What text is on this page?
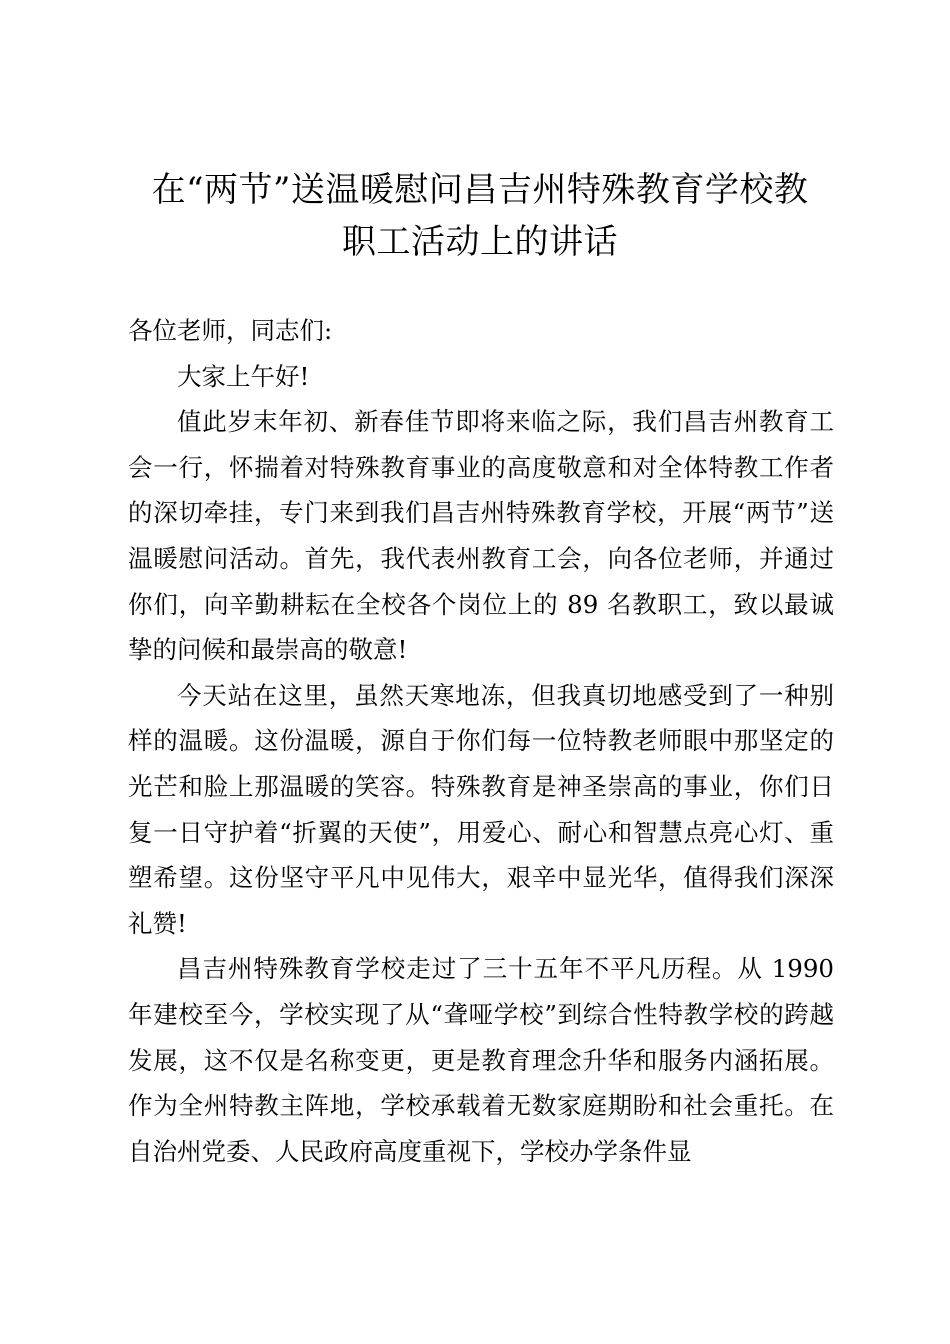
在“两节”送温暖慰问昌吉州特殊教育学校教
职工活动上的讲话

各位老师，同志们:

大家上午好!

值此岁末年初、新春佳节即将来临之际，我们昌吉州教育工会一行，怀揣着对特殊教育事业的高度敬意和对全体特教工作者的深切牵挂，专门来到我们昌吉州特殊教育学校，开展“两节”送温暖慰问活动。首先，我代表州教育工会，向各位老师，并通过你们，向辛勤耕耘在全校各个岗位上的 89 名教职工，致以最诚挚的问候和最崇高的敬意!

今天站在这里，虽然天寒地冻，但我真切地感受到了一种别样的温暖。这份温暖，源自于你们每一位特教老师眼中那坚定的光芒和脸上那温暖的笑容。特殊教育是神圣崇高的事业，你们日复一日守护着“折翼的天使”，用爱心、耐心和智慧点亮心灯、重塑希望。这份坚守平凡中见伟大，艰辛中显光华，值得我们深深礼赞!

昌吉州特殊教育学校走过了三十五年不平凡历程。从 1990 年建校至今，学校实现了从“聋哑学校”到综合性特教学校的跨越发展，这不仅是名称变更，更是教育理念升华和服务内涵拓展。作为全州特教主阵地，学校承载着无数家庭期盼和社会重托。在自治州党委、人民政府高度重视下，学校办学条件显
